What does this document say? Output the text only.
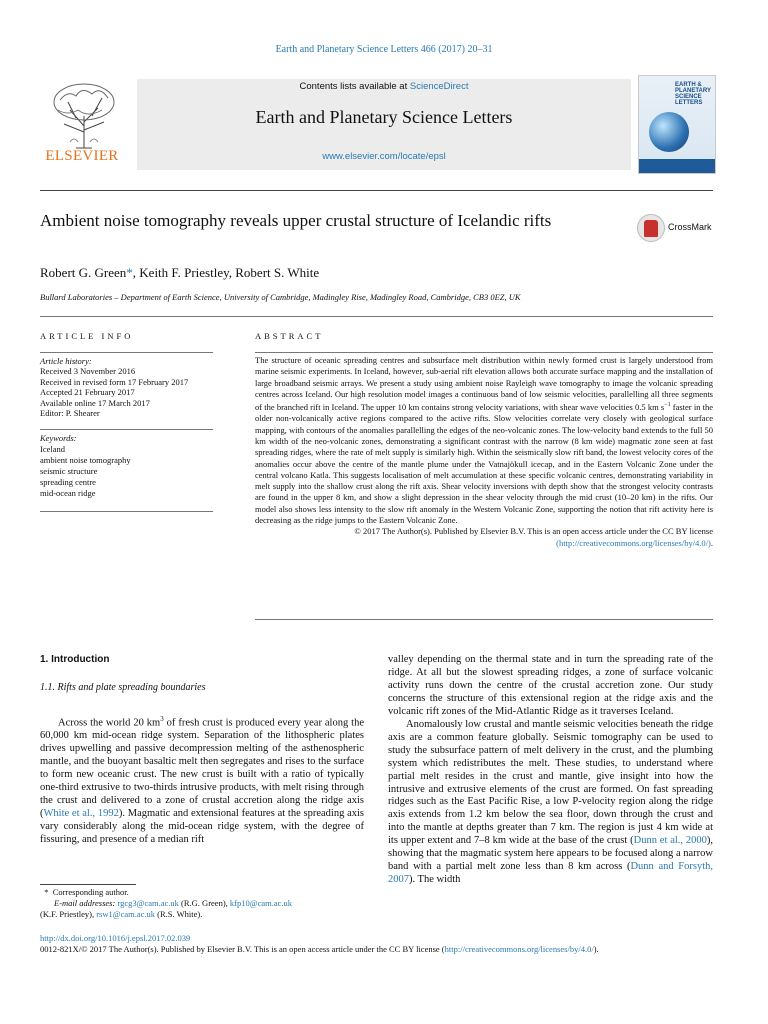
Earth and Planetary Science Letters 466 (2017) 20–31
ELSEVIER
Contents lists available at ScienceDirect
Earth and Planetary Science Letters
www.elsevier.com/locate/epsl
EARTH & PLANETARY SCIENCE LETTERS
Ambient noise tomography reveals upper crustal structure of Icelandic rifts	CrossMark
Robert G. Green*, Keith F. Priestley, Robert S. White
Bullard Laboratories – Department of Earth Science, University of Cambridge, Madingley Rise, Madingley Road, Cambridge, CB3 0EZ, UK
ARTICLE INFO	ABSTRACT
Article history:
Received 3 November 2016
Received in revised form 17 February 2017
Accepted 21 February 2017
Available online 17 March 2017
Editor: P. Shearer
Keywords:
Iceland
ambient noise tomography
seismic structure
spreading centre
mid-ocean ridge
The structure of oceanic spreading centres and subsurface melt distribution within newly formed crust is largely understood from marine seismic experiments. In Iceland, however, sub-aerial rift elevation allows both accurate surface mapping and the installation of large broadband seismic arrays. We present a study using ambient noise Rayleigh wave tomography to image the volcanic spreading centres across Iceland. Our high resolution model images a continuous band of low seismic velocities, parallelling all three segments of the branched rift in Iceland. The upper 10 km contains strong velocity variations, with shear wave velocities 0.5 km $s^{-1}$ faster in the older non-volcanically active regions compared to the active rifts. Slow velocities correlate very closely with geological surface mapping, with contours of the anomalies parallelling the edges of the neo-volcanic zones. The low-velocity band extends to the full 50 km width of the neo-volcanic zones, demonstrating a significant contrast with the narrow (8 km wide) magmatic zone seen at fast spreading ridges, where the rate of melt supply is similarly high. Within the seismically slow rift band, the lowest velocity cores of the anomalies occur above the centre of the mantle plume under the Vatnajökull icecap, and in the Eastern Volcanic Zone under the central volcano Katla. This suggests localisation of melt accumulation at these specific volcanic centres, demonstrating variability in melt supply into the shallow crust along the rift axis. Shear velocity inversions with depth show that the strongest velocity contrasts are found in the upper 8 km, and show a slight depression in the shear velocity through the mid crust (10–20 km) in the rifts. Our model also shows less intensity to the slow rift anomaly in the Western Volcanic Zone, supporting the notion that rift activity here is decreasing as the ridge jumps to the Eastern Volcanic Zone.
© 2017 The Author(s). Published by Elsevier B.V. This is an open access article under the CC BY license
(http://creativecommons.org/licenses/by/4.0/).
1. Introduction
1.1. Rifts and plate spreading boundaries

Across the world 20 $km^3$ of fresh crust is produced every year along the 60,000 km mid-ocean ridge system. Separation of the lithospheric plates drives upwelling and passive decompression melting of the asthenospheric mantle, and the buoyant basaltic melt then segregates and rises to the surface to form new oceanic crust. The new crust is built with a ratio of typically one-third extrusive to two-thirds intrusive products, with melt rising through the crust and delivered to a zone of crustal accretion along the ridge axis (White et al., 1992). Magmatic and extensional features at the spreading axis vary considerably along the mid-ocean ridge system, with the degree of fissuring, and presence of a median rift

valley depending on the thermal state and in turn the spreading rate of the ridge. At all but the slowest spreading ridges, a zone of surface volcanic activity runs down the centre of the crustal accretion zone. Our study concerns the structure of this extensional region at the ridge axis and the volcanic rift zones of the Mid-Atlantic Ridge as it traverses Iceland.

Anomalously low crustal and mantle seismic velocities beneath the ridge axis are a common feature globally. Seismic tomography can be used to study the subsurface pattern of melt delivery in the crust, and the plumbing system which redistributes the melt. These studies, to understand where partial melt resides in the crust and mantle, give insight into how the intrusive and extrusive elements of the crust are formed. On fast spreading ridges such as the East Pacific Rise, a low P-velocity region along the ridge axis extends from 1.2 km below the sea floor, down through the crust and into the mantle at depths greater than 7 km. The region is just 4 km wide at its upper extent and 7–8 km wide at the base of the crust (Dunn et al., 2000), showing that the magmatic system here appears to be focused along a narrow band with a partial melt zone less than 8 km across (Dunn and Forsyth, 2007). The width

* Corresponding author.
E-mail addresses: rgcg3@cam.ac.uk (R.G. Green), kfp10@cam.ac.uk
(K.F. Priestley), rsw1@cam.ac.uk (R.S. White).
http://dx.doi.org/10.1016/j.epsl.2017.02.039
0012-821X/© 2017 The Author(s). Published by Elsevier B.V. This is an open access article under the CC BY license (http://creativecommons.org/licenses/by/4.0/).
